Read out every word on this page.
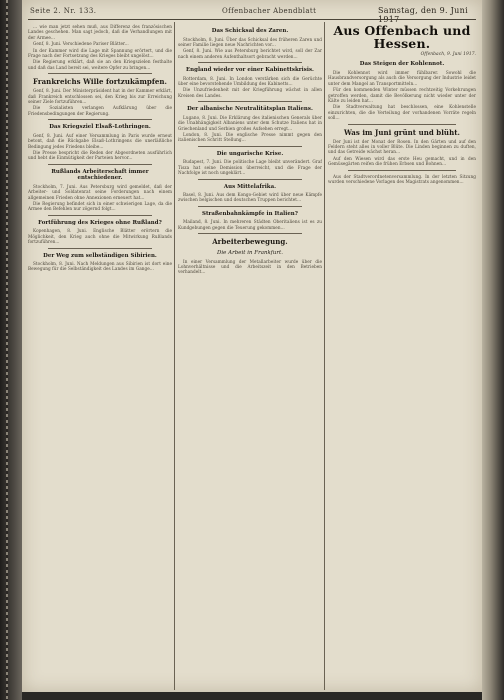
Seite 2. Nr. 133.	Offenbacher Abendblatt	Samstag, den 9. Juni

... wie man jetzt sehen muß, aus Differenz des französischen Landes geschehen. Man sagt jedoch, daß die Verhandlungen mit der Armee...

Genf, 8. Juni. Verschiedene Pariser Blätter...

In der Kammer wird die Lage mit Spannung erörtert, und die Frage nach der Fortsetzung des Krieges bleibt ungelöst...

Die Regierung erklärt, daß sie an den Kriegszielen festhalte und daß das Land bereit sei, weitere Opfer zu bringen...

Frankreichs Wille fortzukämpfen.

Genf, 8. Juni. Der Ministerpräsident hat in der Kammer erklärt, daß Frankreich entschlossen sei, den Krieg bis zur Erreichung seiner Ziele fortzuführen...

Die Sozialisten verlangen Aufklärung über die Friedensbedingungen der Regierung.

Das Kriegsziel Elsaß-Lothringen.

Genf, 8. Juni. Auf einer Versammlung in Paris wurde erneut betont, daß die Rückgabe Elsaß-Lothringens die unerläßliche Bedingung jedes Friedens bleibe...

Die Presse bespricht die Reden der Abgeordneten ausführlich und hebt die Einmütigkeit der Parteien hervor...

Rußlands Arbeiterschaft immer entschiedener.

Stockholm, 7. Juni. Aus Petersburg wird gemeldet, daß der Arbeiter- und Soldatenrat seine Forderungen nach einem allgemeinen Frieden ohne Annexionen erneuert hat...

Die Regierung befindet sich in einer schwierigen Lage, da die Armee den Befehlen nur zögernd folgt...

Fortführung des Krieges ohne Rußland?

Kopenhagen, 8. Juni. Englische Blätter erörtern die Möglichkeit, den Krieg auch ohne die Mitwirkung Rußlands fortzuführen...

Der Weg zum selbständigen Sibirien.

Stockholm, 8. Juni. Nach Meldungen aus Sibirien ist dort eine Bewegung für die Selbständigkeit des Landes im Gange...

Das Schicksal des Zaren.

Stockholm, 8. Juni. Über das Schicksal des früheren Zaren und seiner Familie liegen neue Nachrichten vor...

Genf, 8. Juni. Wie aus Petersburg berichtet wird, soll der Zar nach einem anderen Aufenthaltsort gebracht werden...

England wieder vor einer Kabinettskrisis.

Rotterdam, 8. Juni. In London verstärken sich die Gerüchte über eine bevorstehende Umbildung des Kabinetts...

Die Unzufriedenheit mit der Kriegführung wächst in allen Kreisen des Landes.

Der albanische Neutralitätsplan Italiens.

Lugano, 8. Juni. Die Erklärung des italienischen Generals über die Unabhängigkeit Albaniens unter dem Schutze Italiens hat in Griechenland und Serbien großes Aufsehen erregt...

London, 8. Juni. Die englische Presse nimmt gegen den italienischen Schritt Stellung...

Die ungarische Krise.

Budapest, 7. Juni. Die politische Lage bleibt unverändert. Graf Tisza hat seine Demission überreicht, und die Frage der Nachfolge ist noch ungeklärt...

Aus Mittelafrika.

Basel, 8. Juni. Aus dem Kongo-Gebiet wird über neue Kämpfe zwischen belgischen und deutschen Truppen berichtet...

Straßenbahnkämpfe in Italien?

Mailand, 8. Juni. In mehreren Städten Oberitaliens ist es zu Kundgebungen gegen die Teuerung gekommen...

Arbeiterbewegung.
Die Arbeit in Frankfurt.

In einer Versammlung der Metallarbeiter wurde über die Lohnverhältnisse und die Arbeitszeit in den Betrieben verhandelt...

Aus Offenbach und Hessen.
Offenbach, 9. Juni 1917.
Das Steigen der Kohlennot.

Die Kohlennot wird immer fühlbarer. Sowohl die Hausbrandversorgung als auch die Versorgung der Industrie leidet unter dem Mangel an Transportmitteln...

Für den kommenden Winter müssen rechtzeitig Vorkehrungen getroffen werden, damit die Bevölkerung nicht wieder unter der Kälte zu leiden hat...

Die Stadtverwaltung hat beschlossen, eine Kohlenstelle einzurichten, die die Verteilung der vorhandenen Vorräte regeln soll...

Was im Juni grünt und blüht.

Der Juni ist der Monat der Rosen. In den Gärten und auf den Feldern steht alles in voller Blüte. Die Linden beginnen zu duften, und das Getreide wächst heran...

Auf den Wiesen wird das erste Heu gemacht, und in den Gemüsegärten reifen die frühen Erbsen und Bohnen...

Aus der Stadtverordnetenversammlung. In der letzten Sitzung wurden verschiedene Vorlagen des Magistrats angenommen...
